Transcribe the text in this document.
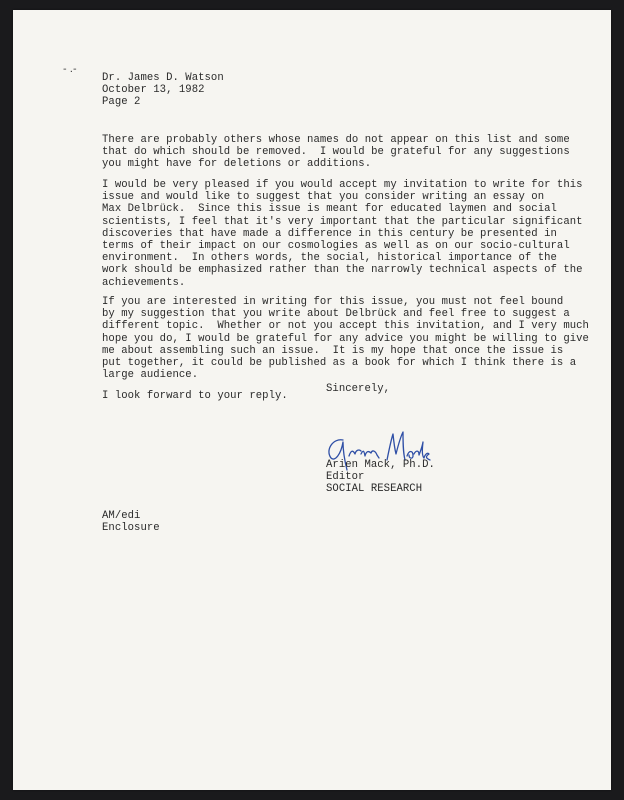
- .-

Dr. James D. Watson

October 13, 1982

Page 2

There are probably others whose names do not appear on this list and some
that do which should be removed.  I would be grateful for any suggestions
you might have for deletions or additions.

I would be very pleased if you would accept my invitation to write for this
issue and would like to suggest that you consider writing an essay on
Max Delbrück.  Since this issue is meant for educated laymen and social
scientists, I feel that it's very important that the particular significant
discoveries that have made a difference in this century be presented in
terms of their impact on our cosmologies as well as on our socio-cultural
environment.  In others words, the social, historical importance of the
work should be emphasized rather than the narrowly technical aspects of the
achievements.

If you are interested in writing for this issue, you must not feel bound
by my suggestion that you write about Delbrück and feel free to suggest a
different topic.  Whether or not you accept this invitation, and I very much
hope you do, I would be grateful for any advice you might be willing to give
me about assembling such an issue.  It is my hope that once the issue is
put together, it could be published as a book for which I think there is a
large audience.

I look forward to your reply.

Sincerely,

Arien Mack, Ph.D.

Editor

SOCIAL RESEARCH

AM/edi

Enclosure
